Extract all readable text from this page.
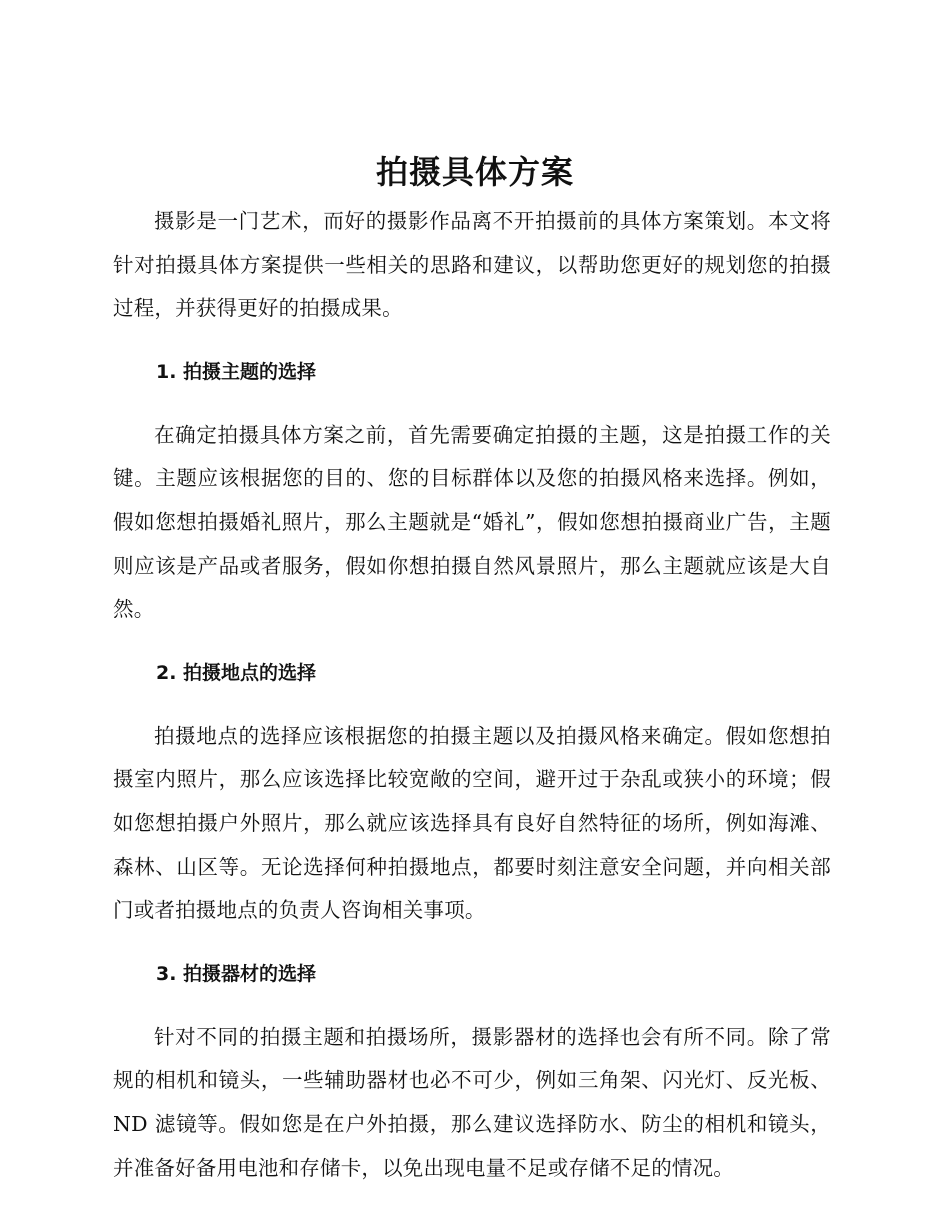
拍摄具体方案

摄影是一门艺术，而好的摄影作品离不开拍摄前的具体方案策划。本文将针对拍摄具体方案提供一些相关的思路和建议，以帮助您更好的规划您的拍摄过程，并获得更好的拍摄成果。

1. 拍摄主题的选择

在确定拍摄具体方案之前，首先需要确定拍摄的主题，这是拍摄工作的关键。主题应该根据您的目的、您的目标群体以及您的拍摄风格来选择。例如，假如您想拍摄婚礼照片，那么主题就是“婚礼”，假如您想拍摄商业广告，主题则应该是产品或者服务，假如你想拍摄自然风景照片，那么主题就应该是大自然。

2. 拍摄地点的选择

拍摄地点的选择应该根据您的拍摄主题以及拍摄风格来确定。假如您想拍摄室内照片，那么应该选择比较宽敞的空间，避开过于杂乱或狭小的环境；假如您想拍摄户外照片，那么就应该选择具有良好自然特征的场所，例如海滩、森林、山区等。无论选择何种拍摄地点，都要时刻注意安全问题，并向相关部门或者拍摄地点的负责人咨询相关事项。

3. 拍摄器材的选择

针对不同的拍摄主题和拍摄场所，摄影器材的选择也会有所不同。除了常规的相机和镜头，一些辅助器材也必不可少，例如三角架、闪光灯、反光板、ND 滤镜等。假如您是在户外拍摄，那么建议选择防水、防尘的相机和镜头，并准备好备用电池和存储卡，以免出现电量不足或存储不足的情况。
